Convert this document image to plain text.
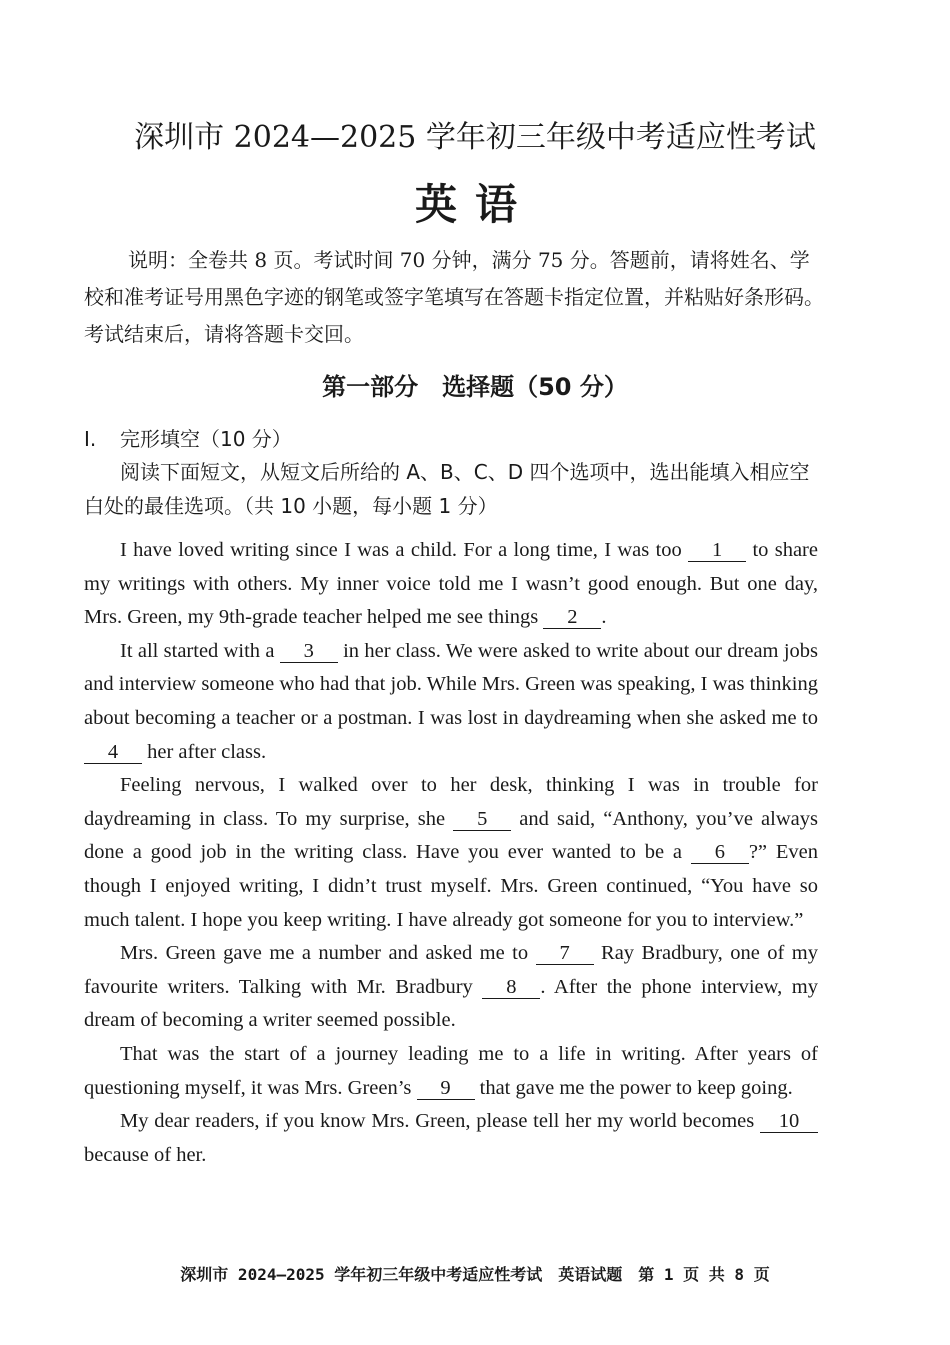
深圳市 2024—2025 学年初三年级中考适应性考试
英语
说明：全卷共 8 页。考试时间 70 分钟，满分 75 分。答题前，请将姓名、学校和准考证号用黑色字迹的钢笔或签字笔填写在答题卡指定位置，并粘贴好条形码。考试结束后，请将答题卡交回。
第一部分　选择题（50 分）
I. 完形填空（10 分）
阅读下面短文，从短文后所给的 A、B、C、D 四个选项中，选出能填入相应空白处的最佳选项。（共 10 小题，每小题 1 分）

I have loved writing since I was a child. For a long time, I was too 1 to share my writings with others. My inner voice told me I wasn’t good enough. But one day, Mrs. Green, my 9th-grade teacher helped me see things 2 .

It all started with a 3 in her class. We were asked to write about our dream jobs and interview someone who had that job. While Mrs. Green was speaking, I was thinking about becoming a teacher or a postman. I was lost in daydreaming when she asked me to 4 her after class.

Feeling nervous, I walked over to her desk, thinking I was in trouble for daydreaming in class. To my surprise, she 5 and said, “Anthony, you’ve always done a good job in the writing class. Have you ever wanted to be a 6 ?” Even though I enjoyed writing, I didn’t trust myself. Mrs. Green continued, “You have so much talent. I hope you keep writing. I have already got someone for you to interview.”

Mrs. Green gave me a number and asked me to 7 Ray Bradbury, one of my favourite writers. Talking with Mr. Bradbury 8 . After the phone interview, my dream of becoming a writer seemed possible.

That was the start of a journey leading me to a life in writing. After years of questioning myself, it was Mrs. Green’s 9 that gave me the power to keep going.

My dear readers, if you know Mrs. Green, please tell her my world becomes 10 because of her.

深圳市 2024—2025 学年初三年级中考适应性考试　英语试题　第 1 页 共 8 页
